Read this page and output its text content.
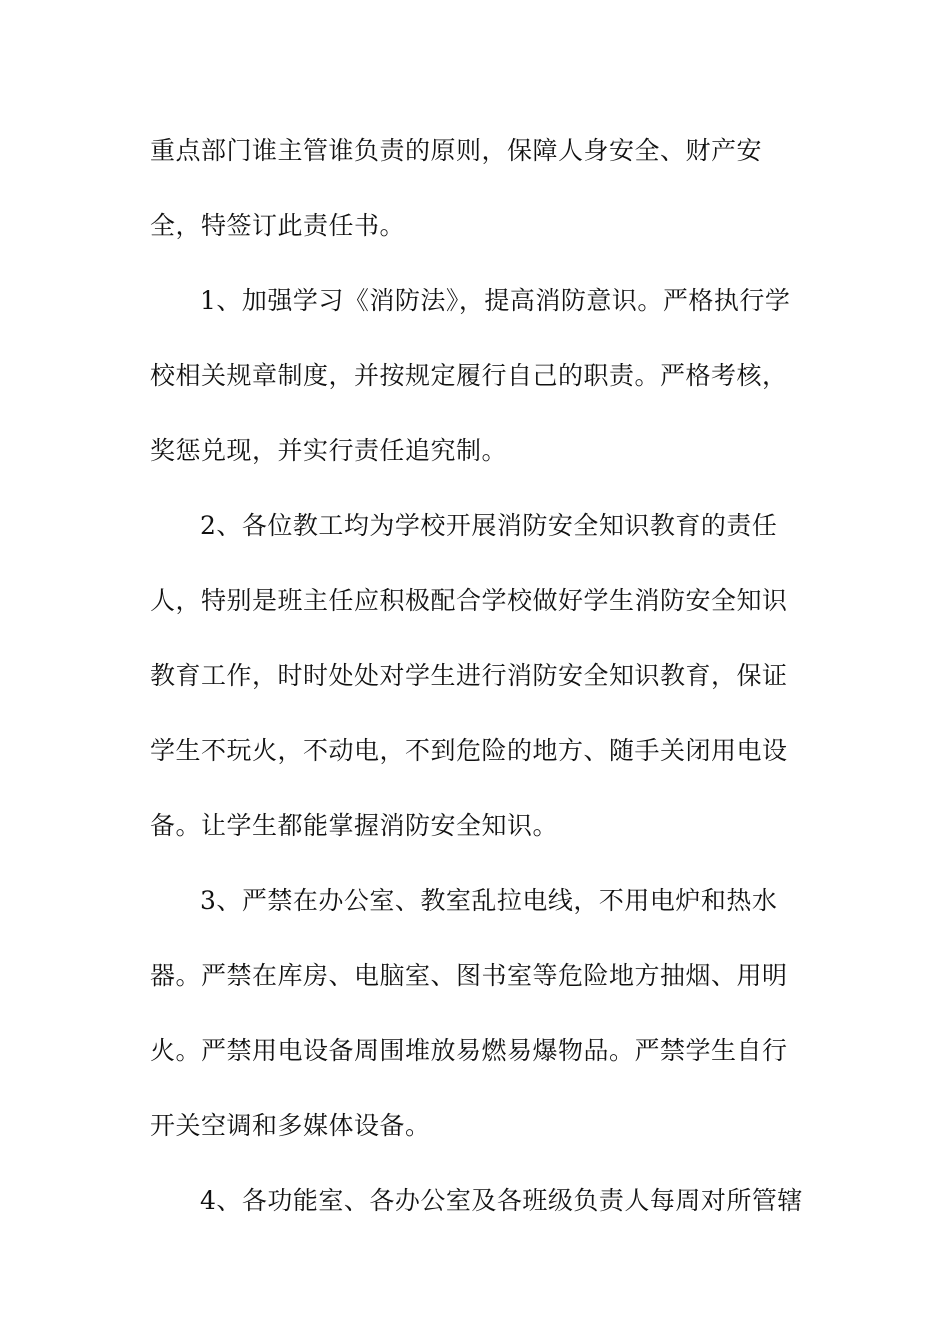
重点部门谁主管谁负责的原则，保障人身安全、财产安
全，特签订此责任书。
1、加强学习《消防法》，提高消防意识。严格执行学
校相关规章制度，并按规定履行自己的职责。严格考核，
奖惩兑现，并实行责任追究制。
2、各位教工均为学校开展消防安全知识教育的责任
人，特别是班主任应积极配合学校做好学生消防安全知识
教育工作，时时处处对学生进行消防安全知识教育，保证
学生不玩火，不动电，不到危险的地方、随手关闭用电设
备。让学生都能掌握消防安全知识。
3、严禁在办公室、教室乱拉电线，不用电炉和热水
器。严禁在库房、电脑室、图书室等危险地方抽烟、用明
火。严禁用电设备周围堆放易燃易爆物品。严禁学生自行
开关空调和多媒体设备。
4、各功能室、各办公室及各班级负责人每周对所管辖
